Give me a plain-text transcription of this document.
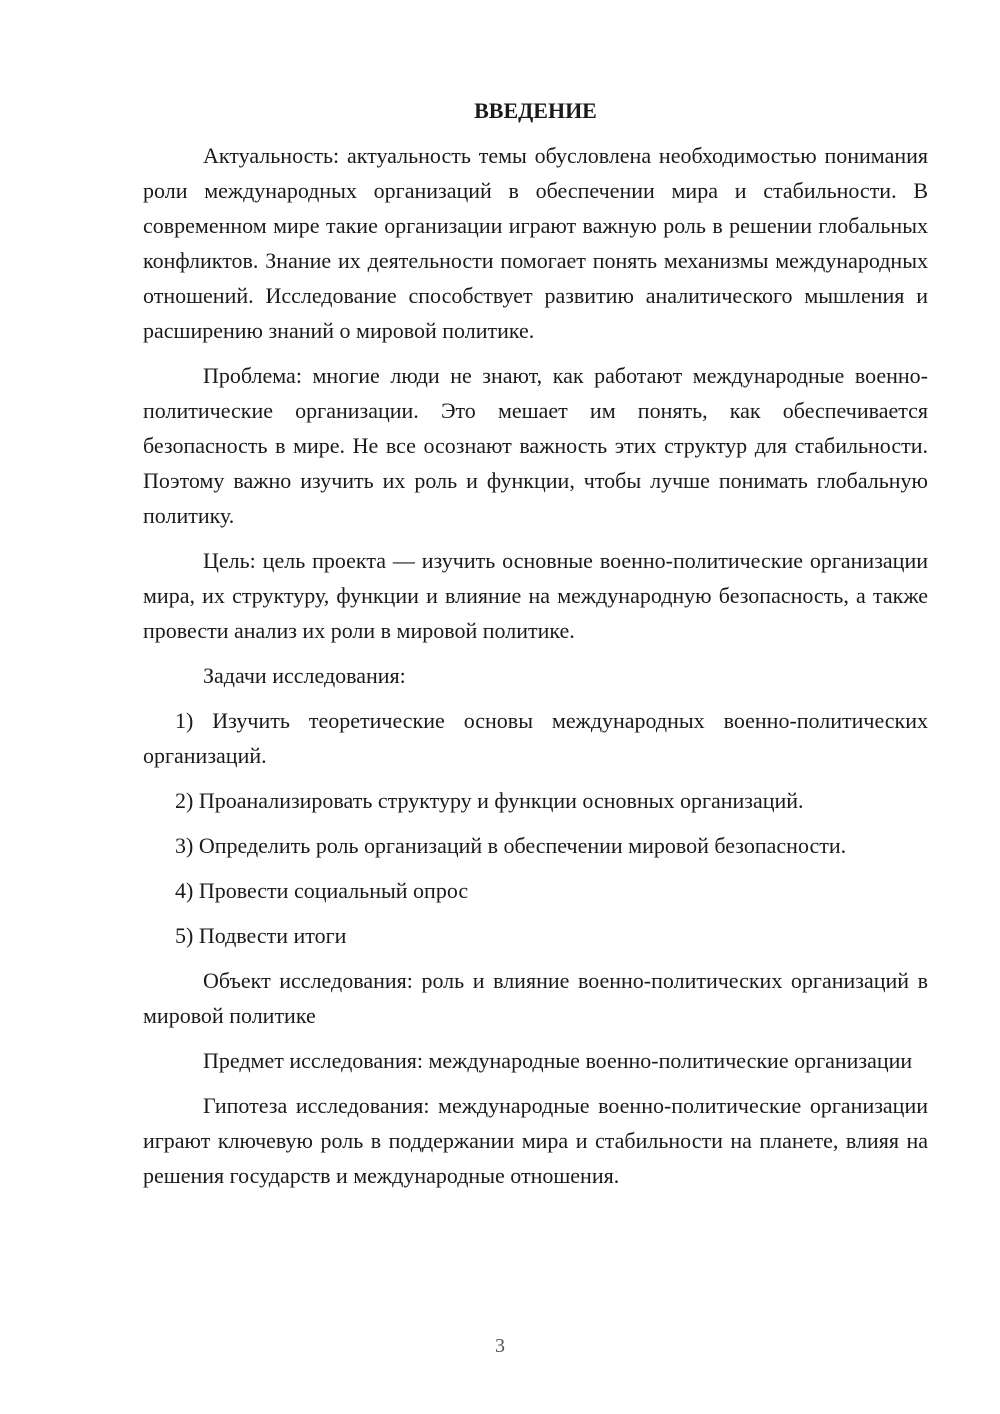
ВВЕДЕНИЕ

Актуальность: актуальность темы обусловлена необходимостью понимания роли международных организаций в обеспечении мира и стабильности. В современном мире такие организации играют важную роль в решении глобальных конфликтов. Знание их деятельности помогает понять механизмы международных отношений. Исследование способствует развитию аналитического мышления и расширению знаний о мировой политике.

Проблема: многие люди не знают, как работают международные военно-политические организации. Это мешает им понять, как обеспечивается безопасность в мире. Не все осознают важность этих структур для стабильности. Поэтому важно изучить их роль и функции, чтобы лучше понимать глобальную политику.

Цель: цель проекта — изучить основные военно-политические организации мира, их структуру, функции и влияние на международную безопасность, а также провести анализ их роли в мировой политике.

Задачи исследования:

1) Изучить теоретические основы международных военно-политических организаций.

2) Проанализировать структуру и функции основных организаций.

3) Определить роль организаций в обеспечении мировой безопасности.

4) Провести социальный опрос

5) Подвести итоги

Объект исследования: роль и влияние военно-политических организаций в мировой политике

Предмет исследования: международные военно-политические организации

Гипотеза исследования: международные военно-политические организации играют ключевую роль в поддержании мира и стабильности на планете, влияя на решения государств и международные отношения.

3
